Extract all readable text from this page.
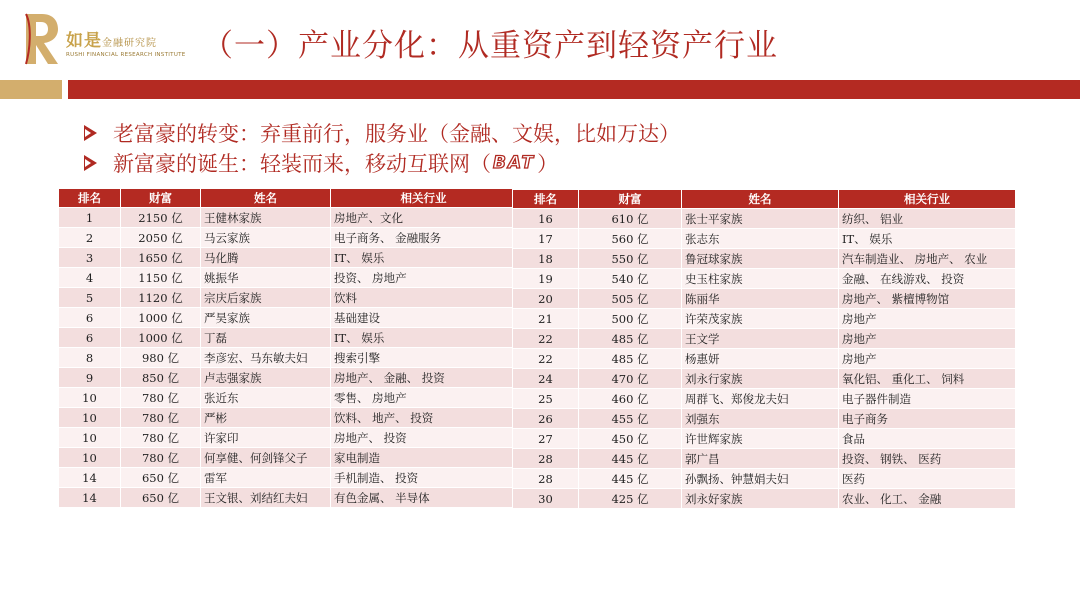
如是金融研究院
RUSHI FINANCIAL RESEARCH INSTITUTE （一）产业分化：从重资产到轻资产行业
老富豪的转变：弃重前行，服务业（金融、文娱，比如万达）
新富豪的诞生：轻装而来，移动互联网（ BAT ）
排名	财富	姓名	相关行业
1	2150 亿	王健林家族	房地产、文化
2	2050 亿	马云家族	电子商务、 金融服务
3	1650 亿	马化腾	IT、 娱乐
4	1150 亿	姚振华	投资、 房地产
5	1120 亿	宗庆后家族	饮料
6	1000 亿	严昊家族	基础建设
6	1000 亿	丁磊	IT、 娱乐
8	980 亿	李彦宏、马东敏夫妇	搜索引擎
9	850 亿	卢志强家族	房地产、 金融、 投资
10	780 亿	张近东	零售、 房地产
10	780 亿	严彬	饮料、 地产、 投资
10	780 亿	许家印	房地产、 投资
10	780 亿	何享健、何剑锋父子	家电制造
14	650 亿	雷军	手机制造、 投资
14	650 亿	王文银、刘结红夫妇	有色金属、 半导体
排名	财富	姓名	相关行业
16	610 亿	张士平家族	纺织、 铝业
17	560 亿	张志东	IT、 娱乐
18	550 亿	鲁冠球家族	汽车制造业、 房地产、 农业
19	540 亿	史玉柱家族	金融、 在线游戏、 投资
20	505 亿	陈丽华	房地产、 紫檀博物馆
21	500 亿	许荣茂家族	房地产
22	485 亿	王文学	房地产
22	485 亿	杨惠妍	房地产
24	470 亿	刘永行家族	氧化铝、 重化工、 饲料
25	460 亿	周群飞、郑俊龙夫妇	电子器件制造
26	455 亿	刘强东	电子商务
27	450 亿	许世辉家族	食品
28	445 亿	郭广昌	投资、 钢铁、 医药
28	445 亿	孙飘扬、钟慧娟夫妇	医药
30	425 亿	刘永好家族	农业、 化工、 金融
